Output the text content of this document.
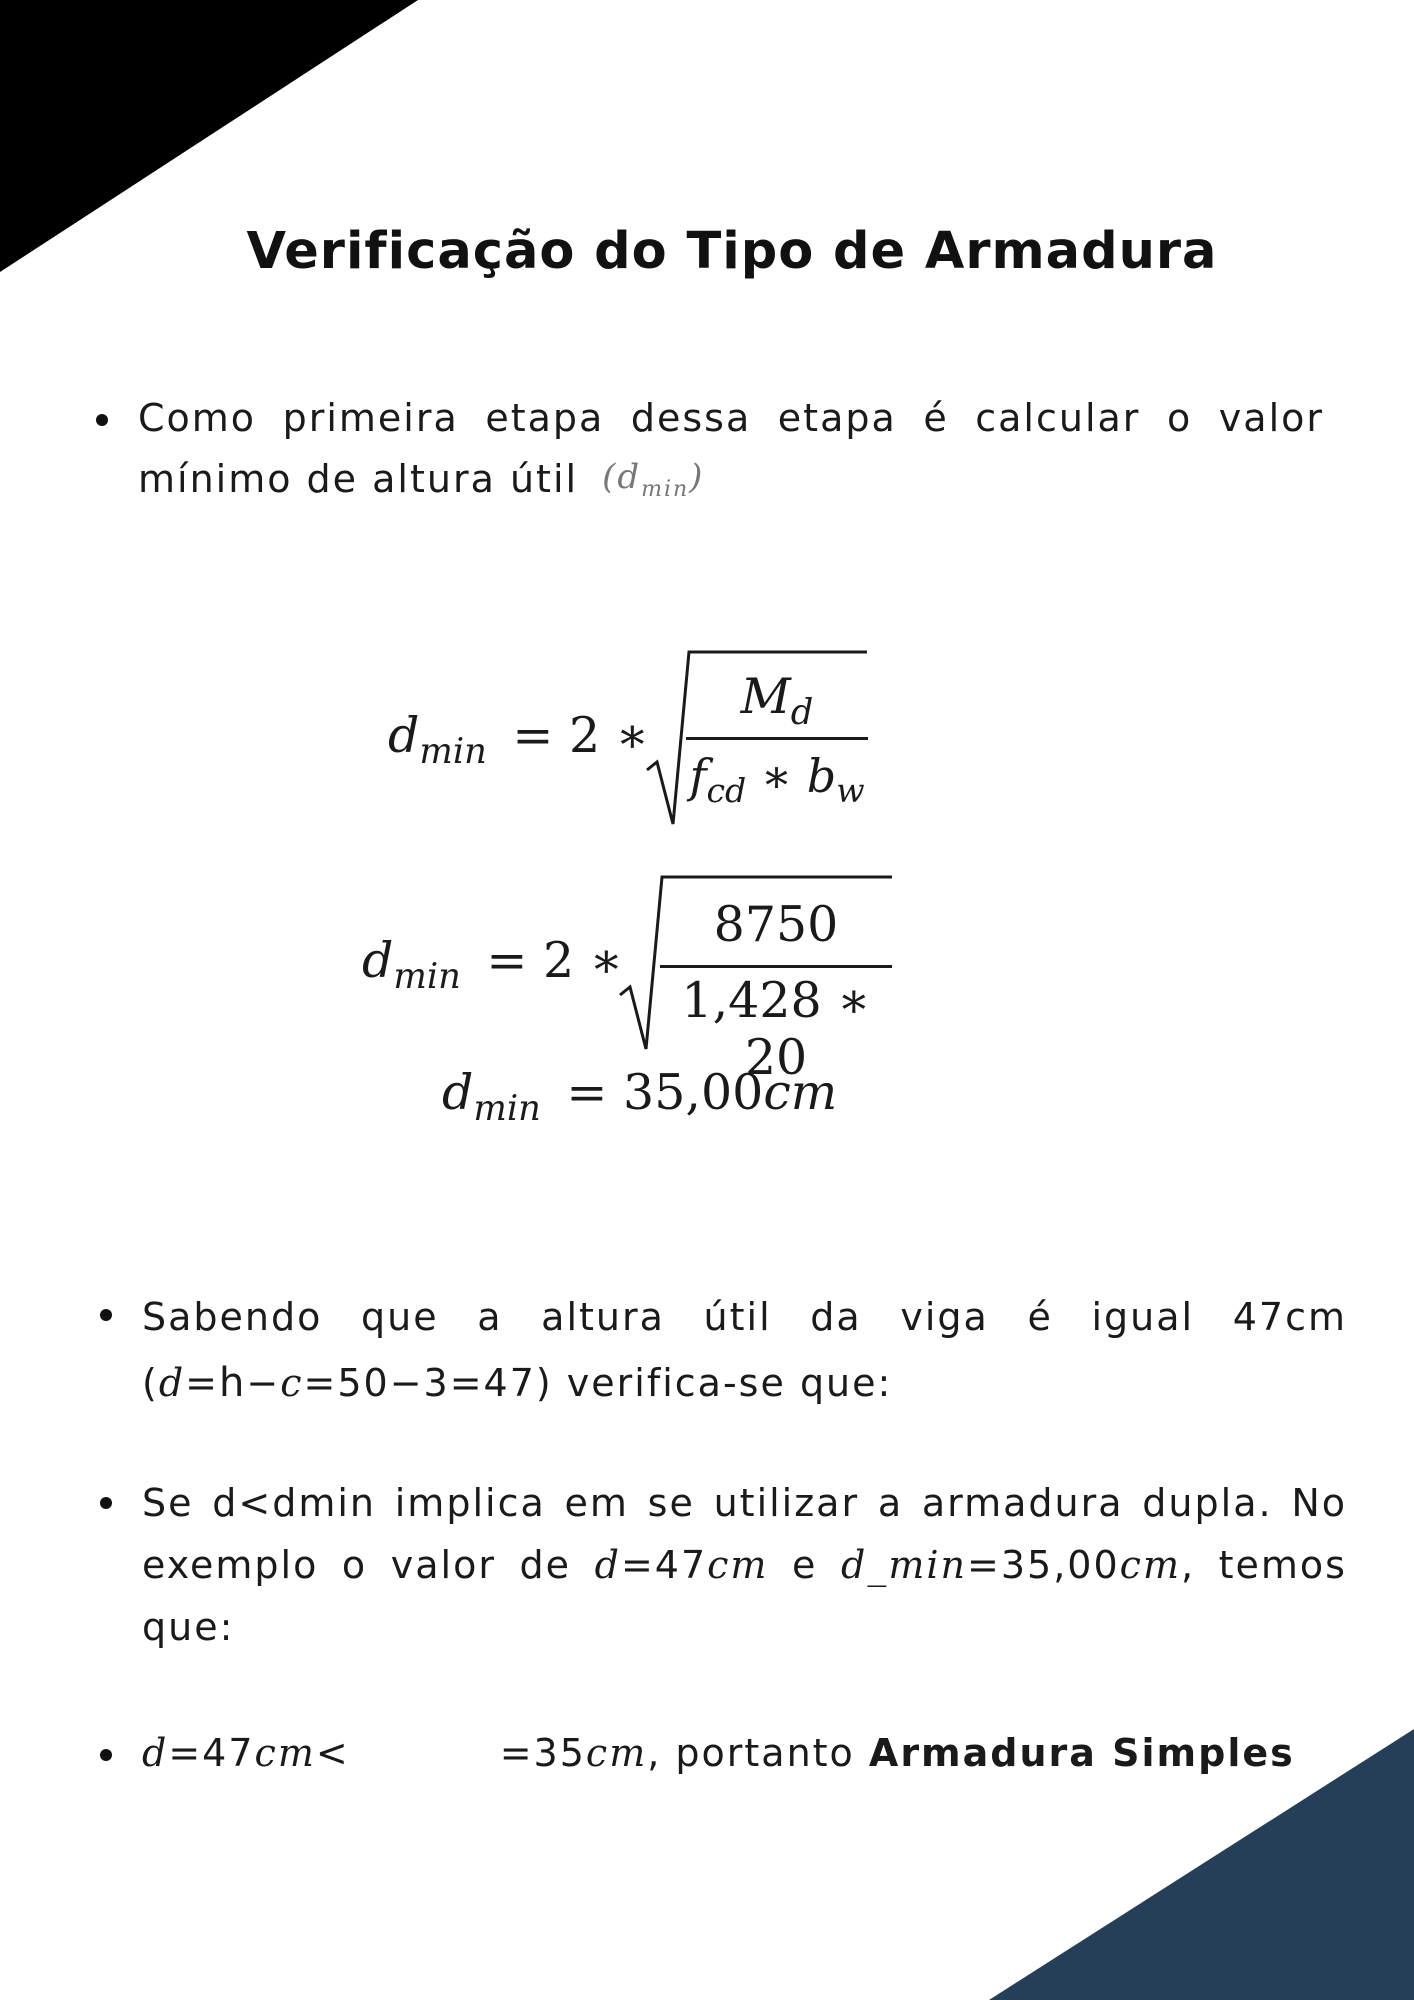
Verificação do Tipo de Armadura
Como primeira etapa dessa etapa é calcular o valor
mínimo de altura útil $(d_{min})$
$d_{min} = 2$ ∗
$M_d$
$f_{cd}$ ∗ $b_w$
$d_{min} = 2$ ∗
8750
1,428 ∗ 20
$d_{min} = 35,00cm$
Sabendo que a altura útil da viga é igual 47cm
(d=h−c=50−3=47) verifica-se que:
Se d<dmin implica em se utilizar a armadura dupla. No
exemplo o valor de d=47cm e d_min=35,00cm, temos
que:
d=47cm<	=35cm, portanto Armadura Simples
